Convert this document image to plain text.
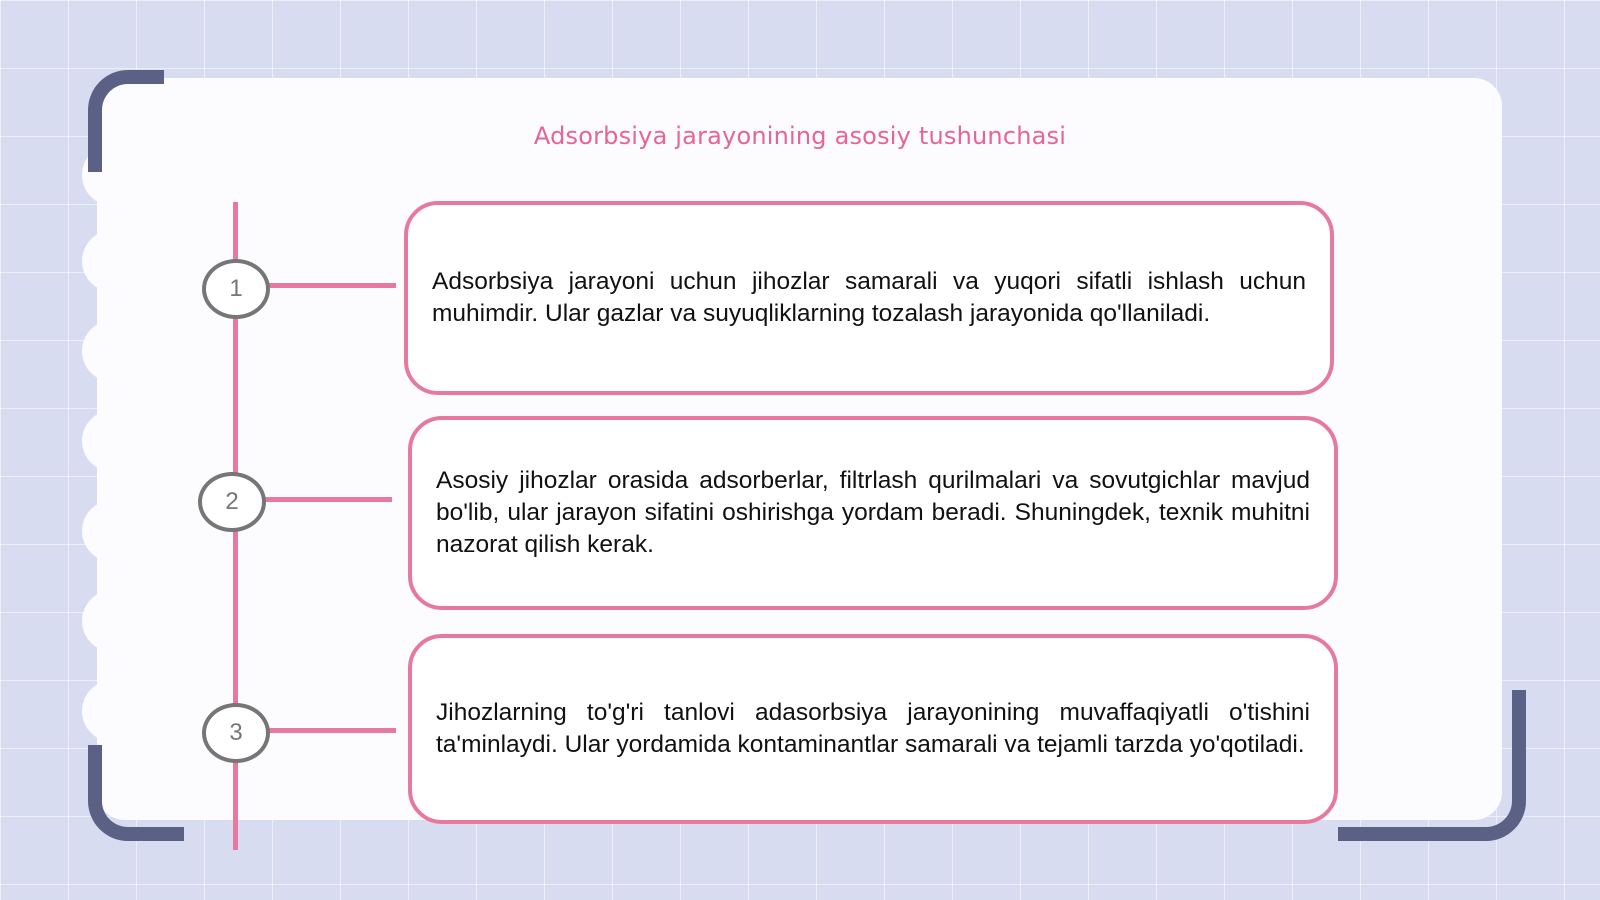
Adsorbsiya jarayonining asosiy tushunchasi
1
2
3

Adsorbsiya jarayoni uchun jihozlar samarali va yuqori sifatli ishlash uchun muhimdir. Ular gazlar va suyuqliklarning tozalash jarayonida qo'llaniladi.

Asosiy jihozlar orasida adsorberlar, filtrlash qurilmalari va sovutgichlar mavjud bo'lib, ular jarayon sifatini oshirishga yordam beradi. Shuningdek, texnik muhitni nazorat qilish kerak.

Jihozlarning to'g'ri tanlovi adasorbsiya jarayonining muvaffaqiyatli o'tishini ta'minlaydi. Ular yordamida kontaminantlar samarali va tejamli tarzda yo'qotiladi.
